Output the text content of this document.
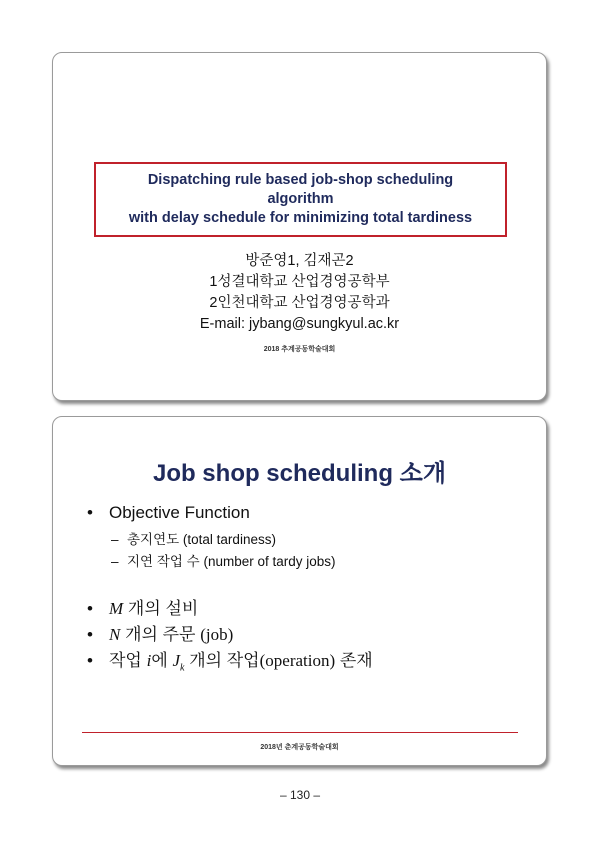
Dispatching rule based job-shop scheduling
algorithm
with delay schedule for minimizing total tardiness
방준영1, 김재곤2
1성결대학교 산업경영공학부
2인천대학교 산업경영공학과
E-mail: jybang@sungkyul.ac.kr
2018 추계공동학술대회
Job shop scheduling 소개
• Objective Function
– 총지연도 (total tardiness)
– 지연 작업 수 (number of tardy jobs)
• M 개의 설비
• N 개의 주문 (job)
• 작업 i에 $J_k$ 개의 작업(operation) 존재
2018년 춘계공동학술대회
– 130 –
